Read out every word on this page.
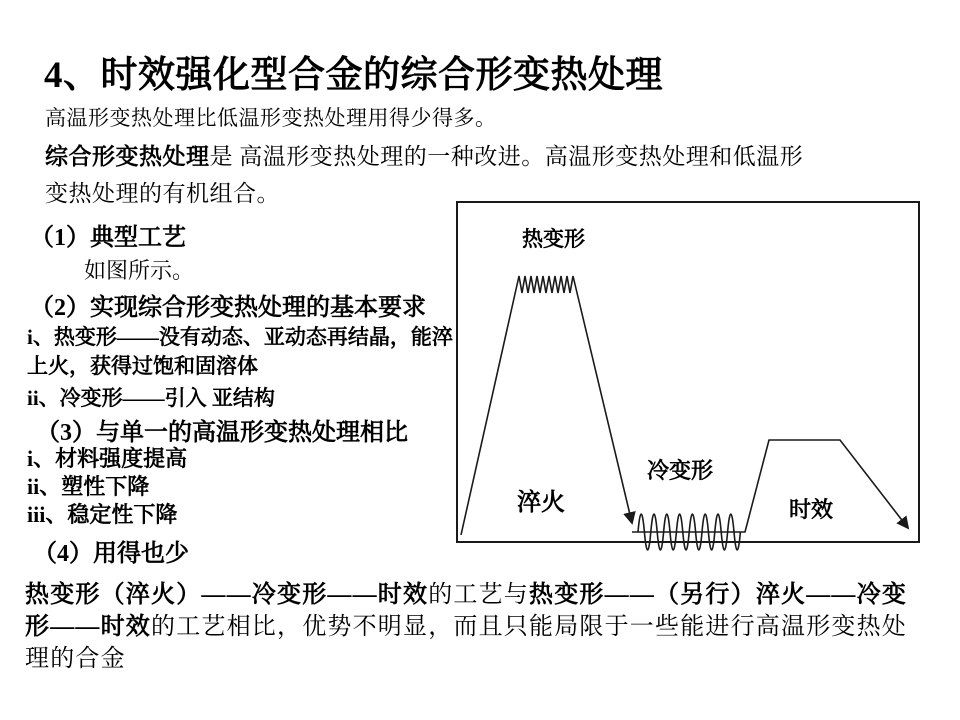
4、时效强化型合金的综合形变热处理
高温形变热处理比低温形变热处理用得少得多。
综合形变热处理是 高温形变热处理的一种改进。高温形变热处理和低温形
变热处理的有机组合。
（1）典型工艺
如图所示。
（2）实现综合形变热处理的基本要求
i、热变形——没有动态、亚动态再结晶，能淬上火，获得过饱和固溶体
ii、冷变形——引入 亚结构
（3）与单一的高温形变热处理相比
i、材料强度提高
ii、塑性下降
iii、稳定性下降
（4）用得也少
热变形
淬火
冷变形
时效
热变形（淬火）——冷变形——时效的工艺与热变形——（另行）淬火——冷变形——时效的工艺相比，优势不明显，而且只能局限于一些能进行高温形变热处理的合金
